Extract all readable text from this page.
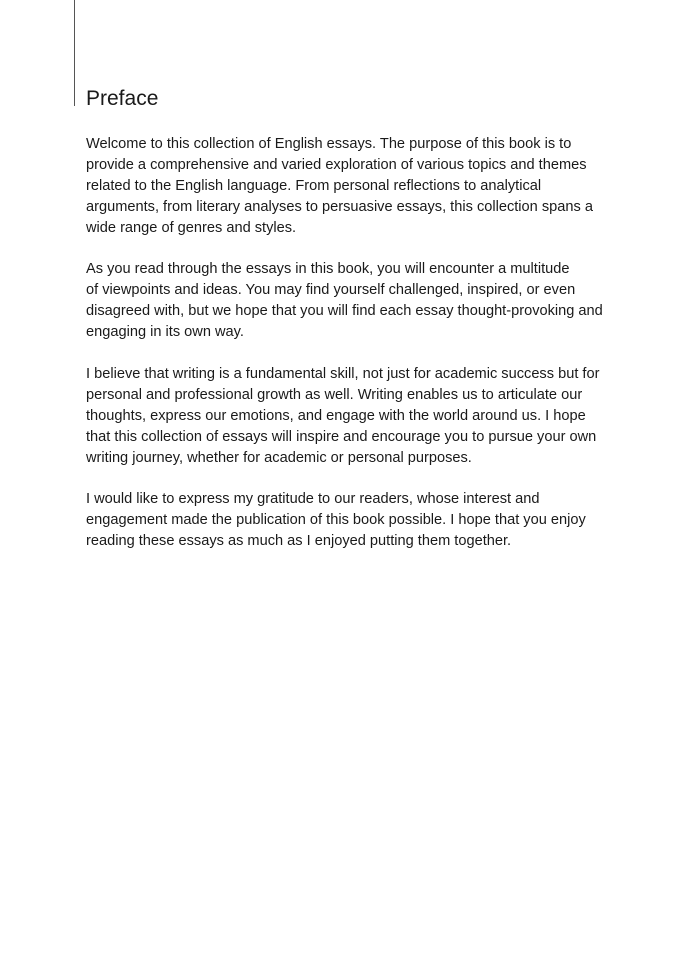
Preface

Welcome to this collection of English essays. The purpose of this book is to
provide a comprehensive and varied exploration of various topics and themes
related to the English language. From personal reflections to analytical
arguments, from literary analyses to persuasive essays, this collection spans a
wide range of genres and styles.

As you read through the essays in this book, you will encounter a multitude
of viewpoints and ideas. You may find yourself challenged, inspired, or even
disagreed with, but we hope that you will find each essay thought-provoking and
engaging in its own way.

I believe that writing is a fundamental skill, not just for academic success but for
personal and professional growth as well. Writing enables us to articulate our
thoughts, express our emotions, and engage with the world around us. I hope
that this collection of essays will inspire and encourage you to pursue your own
writing journey, whether for academic or personal purposes.

I would like to express my gratitude to our readers, whose interest and
engagement made the publication of this book possible. I hope that you enjoy
reading these essays as much as I enjoyed putting them together.
